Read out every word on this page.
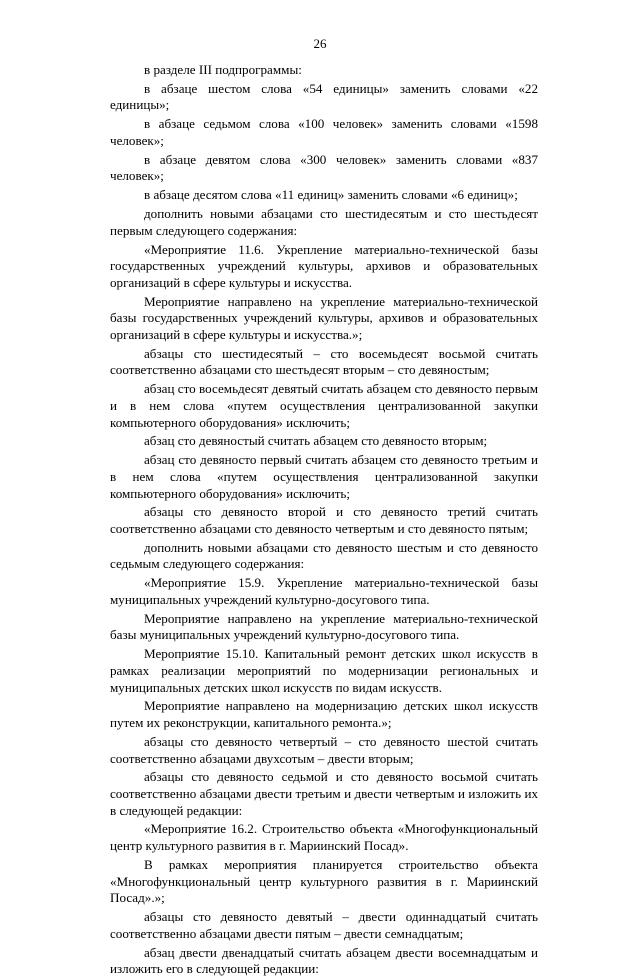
26

в разделе III подпрограммы:

в абзаце шестом слова «54 единицы» заменить словами «22 единицы»;

в абзаце седьмом слова «100 человек» заменить словами «1598 человек»;

в абзаце девятом слова «300 человек» заменить словами «837 человек»;

в абзаце десятом слова «11 единиц» заменить словами «6 единиц»;

дополнить новыми абзацами сто шестидесятым и сто шестьдесят первым следующего содержания:

«Мероприятие 11.6. Укрепление материально-технической базы государственных учреждений культуры, архивов и образовательных организаций в сфере культуры и искусства.

Мероприятие направлено на укрепление материально-технической базы государственных учреждений культуры, архивов и образовательных организаций в сфере культуры и искусства.»;

абзацы сто шестидесятый – сто восемьдесят восьмой считать соответственно абзацами сто шестьдесят вторым – сто девяностым;

абзац сто восемьдесят девятый считать абзацем сто девяносто первым и в нем слова «путем осуществления централизованной закупки компьютерного оборудования» исключить;

абзац сто девяностый считать абзацем сто девяносто вторым;

абзац сто девяносто первый считать абзацем сто девяносто третьим и в нем слова «путем осуществления централизованной закупки компьютерного оборудования» исключить;

абзацы сто девяносто второй и сто девяносто третий считать соответственно абзацами сто девяносто четвертым и сто девяносто пятым;

дополнить новыми абзацами сто девяносто шестым и сто девяносто седьмым следующего содержания:

«Мероприятие 15.9. Укрепление материально-технической базы муниципальных учреждений культурно-досугового типа.

Мероприятие направлено на укрепление материально-технической базы муниципальных учреждений культурно-досугового типа.

Мероприятие 15.10. Капитальный ремонт детских школ искусств в рамках реализации мероприятий по модернизации региональных и муниципальных детских школ искусств по видам искусств.

Мероприятие направлено на модернизацию детских школ искусств путем их реконструкции, капитального ремонта.»;

абзацы сто девяносто четвертый – сто девяносто шестой считать соответственно абзацами двухсотым – двести вторым;

абзацы сто девяносто седьмой и сто девяносто восьмой считать соответственно абзацами двести третьим и двести четвертым и изложить их в следующей редакции:

«Мероприятие 16.2. Строительство объекта «Многофункциональный центр культурного развития в г. Мариинский Посад».

В рамках мероприятия планируется строительство объекта «Многофункциональный центр культурного развития в г. Мариинский Посад».»;

абзацы сто девяносто девятый – двести одиннадцатый считать соответственно абзацами двести пятым – двести семнадцатым;

абзац двести двенадцатый считать абзацем двести восемнадцатым и изложить его в следующей редакции:
